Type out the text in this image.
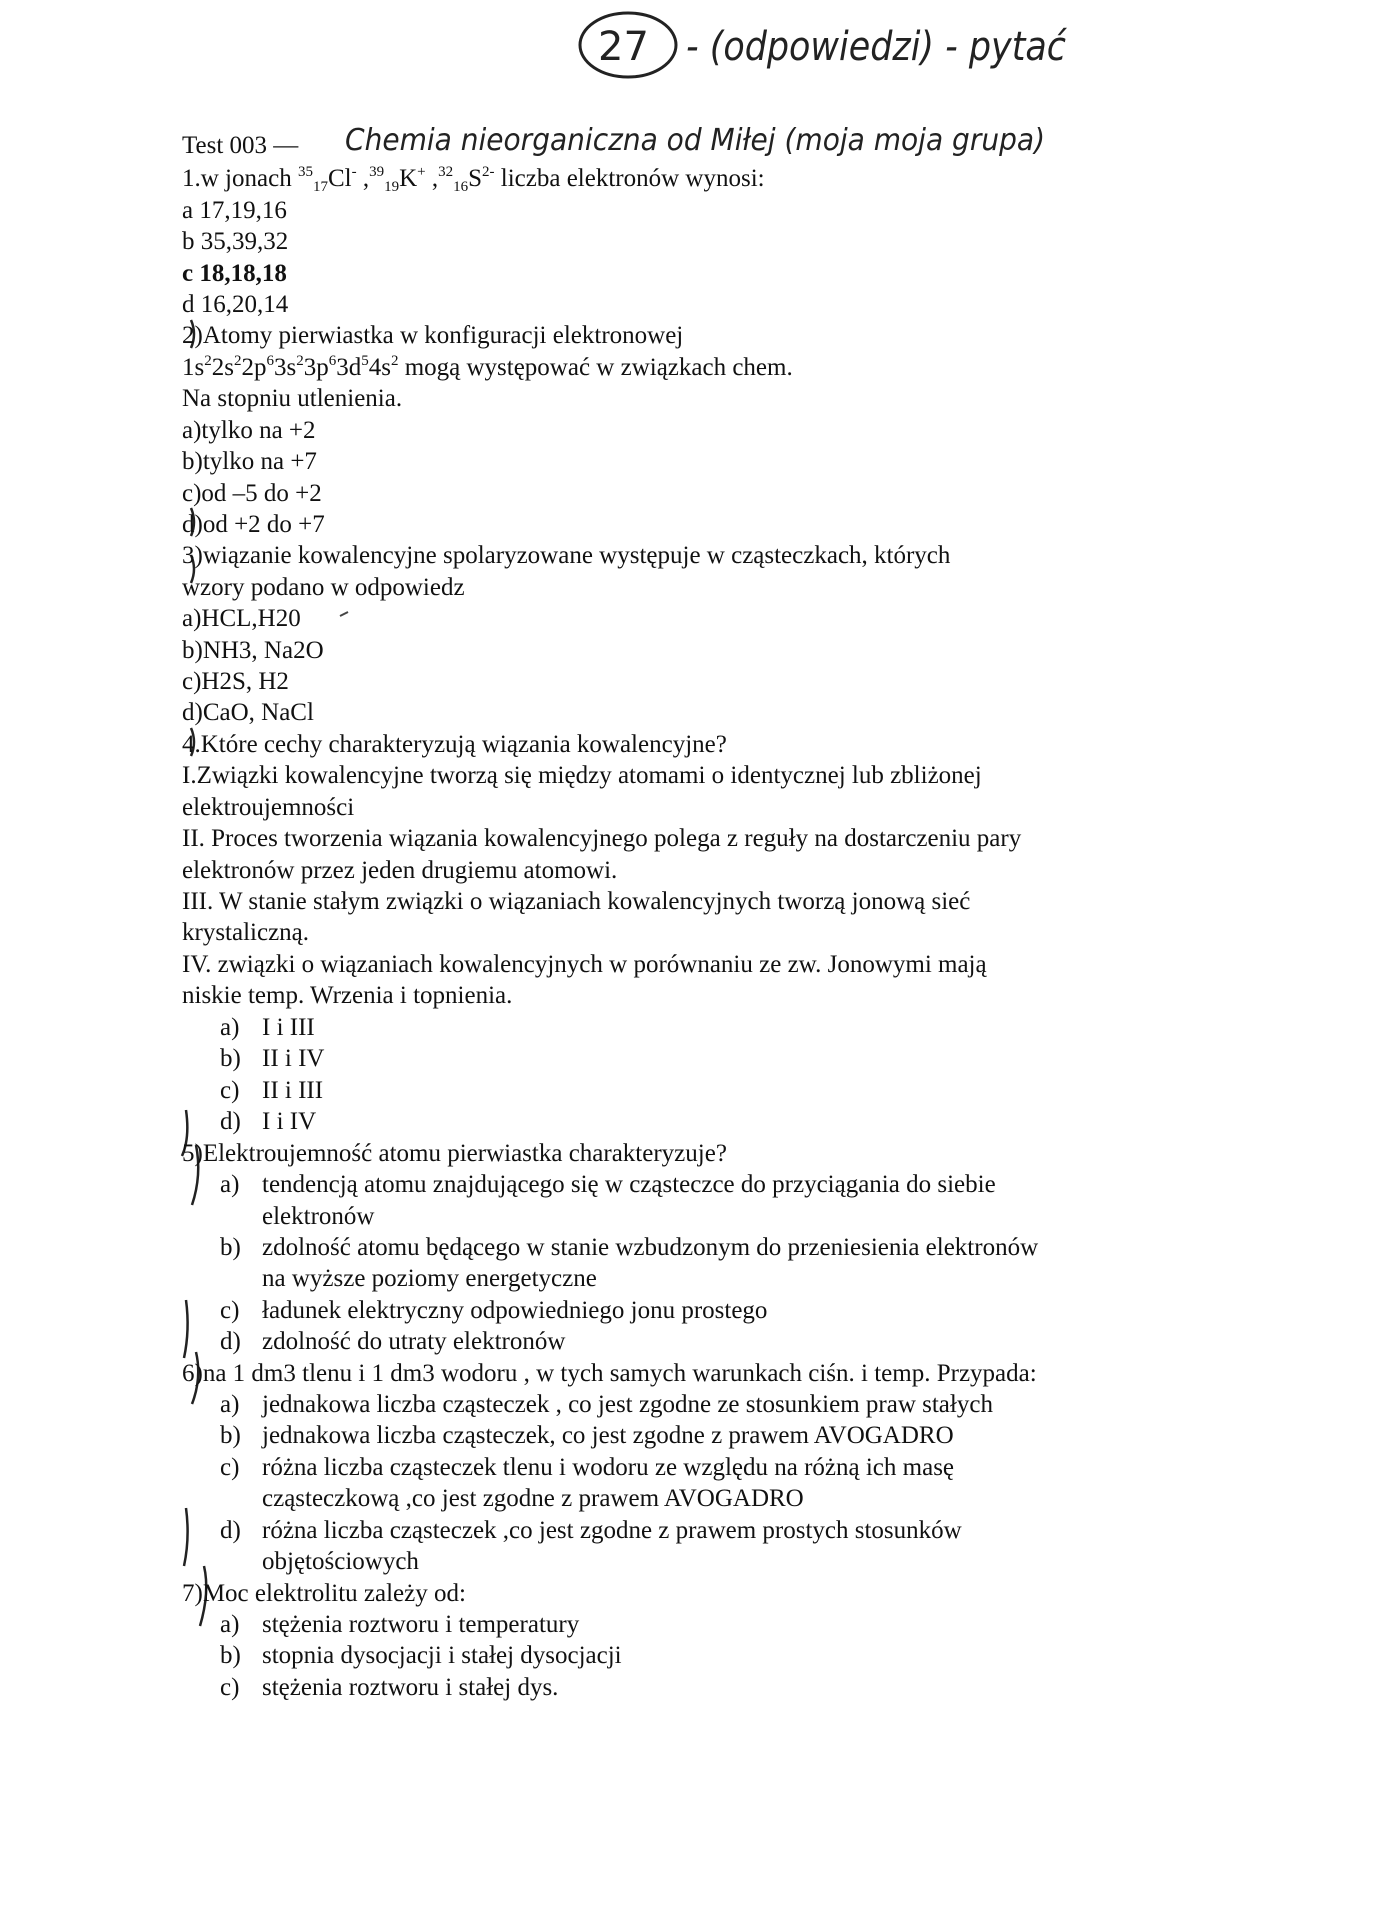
27 - (odpowiedzi) - pytać
Chemia nieorganiczna od Miłej (moja moja grupa)
Test 003 —
1.w jonach $^{35}_{17}$Cl- ,$^{39}_{19}$K+ $,^{32}_{16}S^{2-}$ liczba elektronów wynosi:
a 17,19,16
b 35,39,32
c 18,18,18
d 16,20,14
2)Atomy pierwiastka w konfiguracji elektronowej
$1s^22s^22p^63s^23p^63d^54s^2$ mogą występować w związkach chem.
Na stopniu utlenienia.
a)tylko na +2
b)tylko na +7
c)od –5 do +2
d)od +2 do +7
3)wiązanie kowalencyjne spolaryzowane występuje w cząsteczkach, których
wzory podano w odpowiedz
a)HCL,H20
b)NH3, Na2O
c)H2S, H2
d)CaO, NaCl
4.Które cechy charakteryzują wiązania kowalencyjne?
I.Związki kowalencyjne tworzą się między atomami o identycznej lub zbliżonej
elektroujemności
II. Proces tworzenia wiązania kowalencyjnego polega z reguły na dostarczeniu pary
elektronów przez jeden drugiemu atomowi.
III. W stanie stałym związki o wiązaniach kowalencyjnych tworzą jonową sieć
krystaliczną.
IV. związki o wiązaniach kowalencyjnych w porównaniu ze zw. Jonowymi mają
niskie temp. Wrzenia i topnienia.
a) I i III
b) II i IV
c) II i III
d) I i IV
5)Elektroujemność atomu pierwiastka charakteryzuje?
a) tendencją atomu znajdującego się w cząsteczce do przyciągania do siebie
elektronów
b) zdolność atomu będącego w stanie wzbudzonym do przeniesienia elektronów
na wyższe poziomy energetyczne
c) ładunek elektryczny odpowiedniego jonu prostego
d) zdolność do utraty elektronów
6)na 1 dm3 tlenu i 1 dm3 wodoru , w tych samych warunkach ciśn. i temp. Przypada:
a) jednakowa liczba cząsteczek , co jest zgodne ze stosunkiem praw stałych
b) jednakowa liczba cząsteczek, co jest zgodne z prawem AVOGADRO
c) różna liczba cząsteczek tlenu i wodoru ze względu na różną ich masę
cząsteczkową ,co jest zgodne z prawem AVOGADRO
d) różna liczba cząsteczek ,co jest zgodne z prawem prostych stosunków
objętościowych
7)Moc elektrolitu zależy od:
a) stężenia roztworu i temperatury
b) stopnia dysocjacji i stałej dysocjacji
c) stężenia roztworu i stałej dys.
